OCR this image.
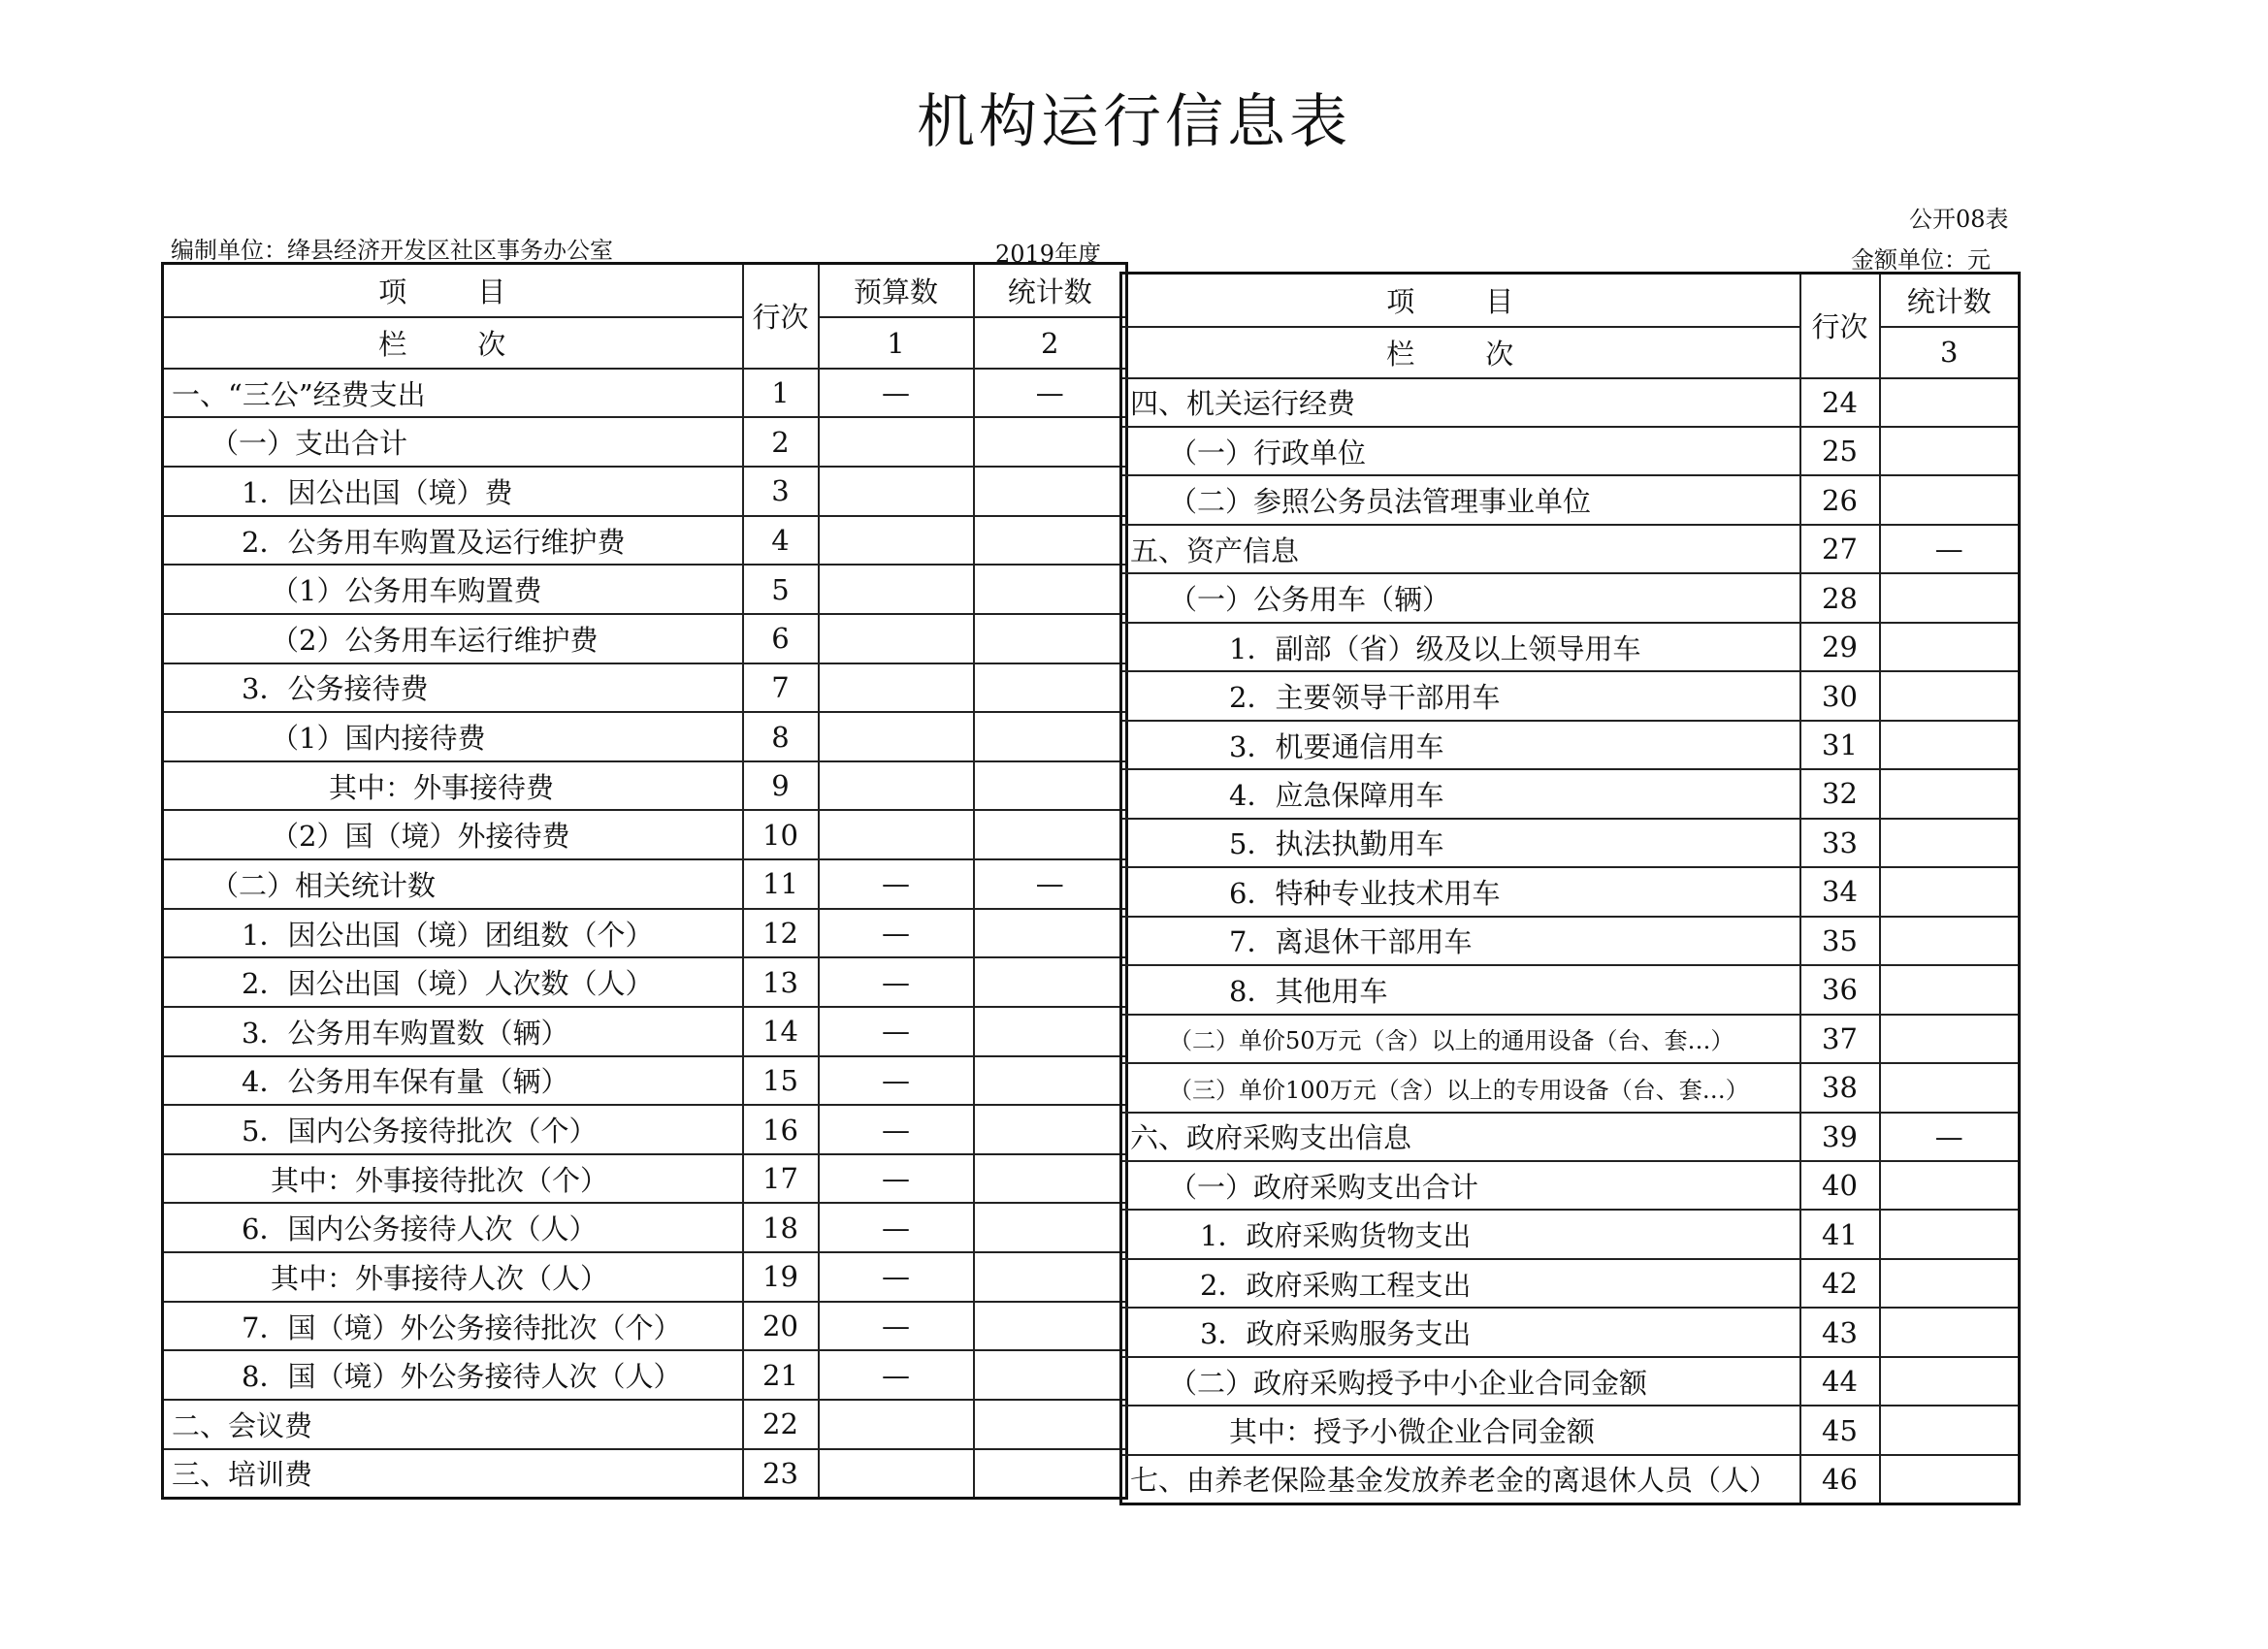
机构运行信息表
公开08表
编制单位：绛县经济开发区社区事务办公室	2019年度	金额单位：元
项　目	行次	预算数	统计数
栏　次		1	2
一、“三公”经费支出	1	—	—
（一）支出合计	2		
1．因公出国（境）费	3		
2．公务用车购置及运行维护费	4		
（1）公务用车购置费	5		
（2）公务用车运行维护费	6		
3．公务接待费	7		
（1）国内接待费	8		
其中：外事接待费	9		
（2）国（境）外接待费	10		
（二）相关统计数	11	—	—
1．因公出国（境）团组数（个）	12	—	
2．因公出国（境）人次数（人）	13	—	
3．公务用车购置数（辆）	14	—	
4．公务用车保有量（辆）	15	—	
5．国内公务接待批次（个）	16	—	
其中：外事接待批次（个）	17	—	
6．国内公务接待人次（人）	18	—	
其中：外事接待人次（人）	19	—	
7．国（境）外公务接待批次（个）	20	—	
8．国（境）外公务接待人次（人）	21	—	
二、会议费	22		
三、培训费	23		
项　目	行次	统计数
栏　次		3
四、机关运行经费	24	
（一）行政单位	25	
（二）参照公务员法管理事业单位	26	
五、资产信息	27	—
（一）公务用车（辆）	28	
1．副部（省）级及以上领导用车	29	
2．主要领导干部用车	30	
3．机要通信用车	31	
4．应急保障用车	32	
5．执法执勤用车	33	
6．特种专业技术用车	34	
7．离退休干部用车	35	
8．其他用车	36	
（二）单价50万元（含）以上的通用设备（台、套…）	37	
（三）单价100万元（含）以上的专用设备（台、套…）	38	
六、政府采购支出信息	39	—
（一）政府采购支出合计	40	
1．政府采购货物支出	41	
2．政府采购工程支出	42	
3．政府采购服务支出	43	
（二）政府采购授予中小企业合同金额	44	
其中：授予小微企业合同金额	45	
七、由养老保险基金发放养老金的离退休人员（人）	46	
